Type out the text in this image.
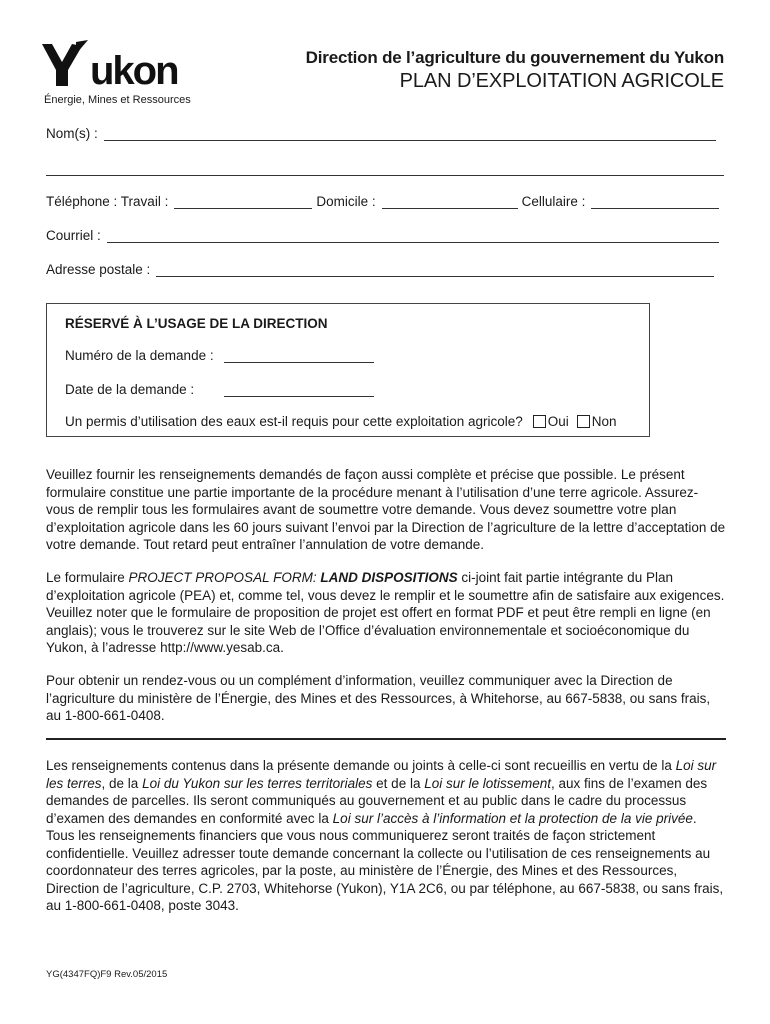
ukon
Énergie, Mines et Ressources
Direction de l’agriculture du gouvernement du Yukon
PLAN D’EXPLOITATION AGRICOLE
Nom(s) :
Téléphone : Travail :	Domicile :	Cellulaire :
Courriel :
Adresse postale :
RÉSERVÉ À L’USAGE DE LA DIRECTION
Numéro de la demande :
Date de la demande :
Un permis d’utilisation des eaux est-il requis pour cette exploitation agricole? Oui Non
Veuillez fournir les renseignements demandés de façon aussi complète et précise que possible. Le présent formulaire constitue une partie importante de la procédure menant à l’utilisation d’une terre agricole. Assurez-vous de remplir tous les formulaires avant de soumettre votre demande. Vous devez soumettre votre plan d’exploitation agricole dans les 60 jours suivant l’envoi par la Direction de l’agriculture de la lettre d’acceptation de votre demande. Tout retard peut entraîner l’annulation de votre demande.
Le formulaire PROJECT PROPOSAL FORM: LAND DISPOSITIONS ci-joint fait partie intégrante du Plan d’exploitation agricole (PEA) et, comme tel, vous devez le remplir et le soumettre afin de satisfaire aux exigences. Veuillez noter que le formulaire de proposition de projet est offert en format PDF et peut être rempli en ligne (en anglais); vous le trouverez sur le site Web de l’Office d’évaluation environnementale et socioéconomique du Yukon, à l’adresse http://www.yesab.ca.
Pour obtenir un rendez-vous ou un complément d’information, veuillez communiquer avec la Direction de l’agriculture du ministère de l’Énergie, des Mines et des Ressources, à Whitehorse, au 667-5838, ou sans frais, au 1-800-661-0408.
Les renseignements contenus dans la présente demande ou joints à celle-ci sont recueillis en vertu de la Loi sur les terres, de la Loi du Yukon sur les terres territoriales et de la Loi sur le lotissement, aux fins de l’examen des demandes de parcelles. Ils seront communiqués au gouvernement et au public dans le cadre du processus d’examen des demandes en conformité avec la Loi sur l’accès à l’information et la protection de la vie privée. Tous les renseignements financiers que vous nous communiquerez seront traités de façon strictement confidentielle. Veuillez adresser toute demande concernant la collecte ou l’utilisation de ces renseignements au coordonnateur des terres agricoles, par la poste, au ministère de l’Énergie, des Mines et des Ressources, Direction de l’agriculture, C.P. 2703, Whitehorse (Yukon), Y1A 2C6, ou par téléphone, au 667-5838, ou sans frais, au 1-800-661-0408, poste 3043.
YG(4347FQ)F9 Rev.05/2015
